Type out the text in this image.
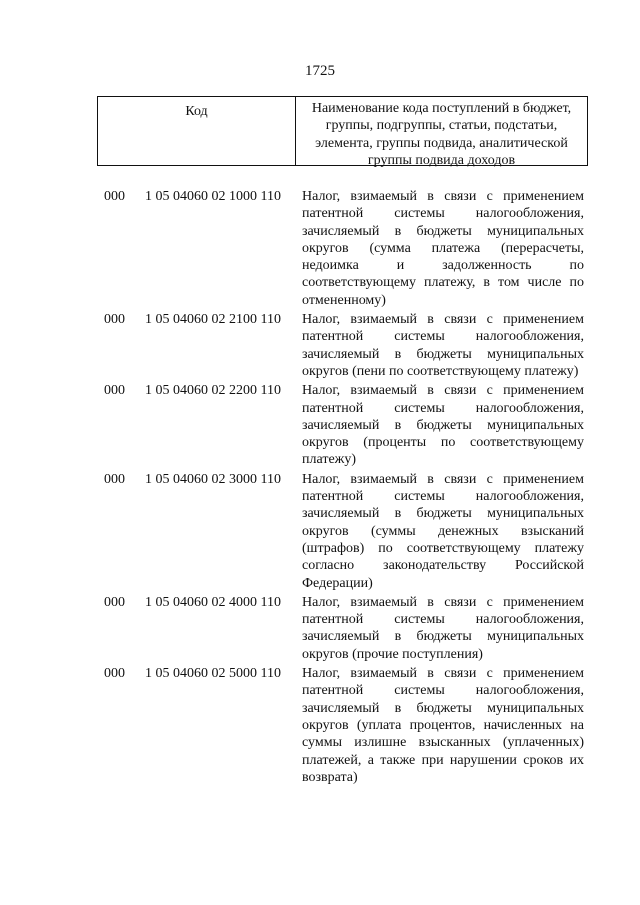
1725
Код	Наименование кода поступлений в бюджет, группы, подгруппы, статьи, подстатьи, элемента, группы подвида, аналитической группы подвида доходов
000 1 05 04060 02 1000 110 Налог, взимаемый в связи с применением патентной системы налогообложения, зачисляемый в бюджеты муниципальных округов (сумма платежа (перерасчеты, недоимка и задолженность по соответствующему платежу, в том числе по отмененному)
000 1 05 04060 02 2100 110 Налог, взимаемый в связи с применением патентной системы налогообложения, зачисляемый в бюджеты муниципальных округов (пени по соответствующему платежу)
000 1 05 04060 02 2200 110 Налог, взимаемый в связи с применением патентной системы налогообложения, зачисляемый в бюджеты муниципальных округов (проценты по соответствующему платежу)
000 1 05 04060 02 3000 110 Налог, взимаемый в связи с применением патентной системы налогообложения, зачисляемый в бюджеты муниципальных округов (суммы денежных взысканий (штрафов) по соответствующему платежу согласно законодательству Российской Федерации)
000 1 05 04060 02 4000 110 Налог, взимаемый в связи с применением патентной системы налогообложения, зачисляемый в бюджеты муниципальных округов (прочие поступления)
000 1 05 04060 02 5000 110 Налог, взимаемый в связи с применением патентной системы налогообложения, зачисляемый в бюджеты муниципальных округов (уплата процентов, начисленных на суммы излишне взысканных (уплаченных) платежей, а также при нарушении сроков их возврата)
